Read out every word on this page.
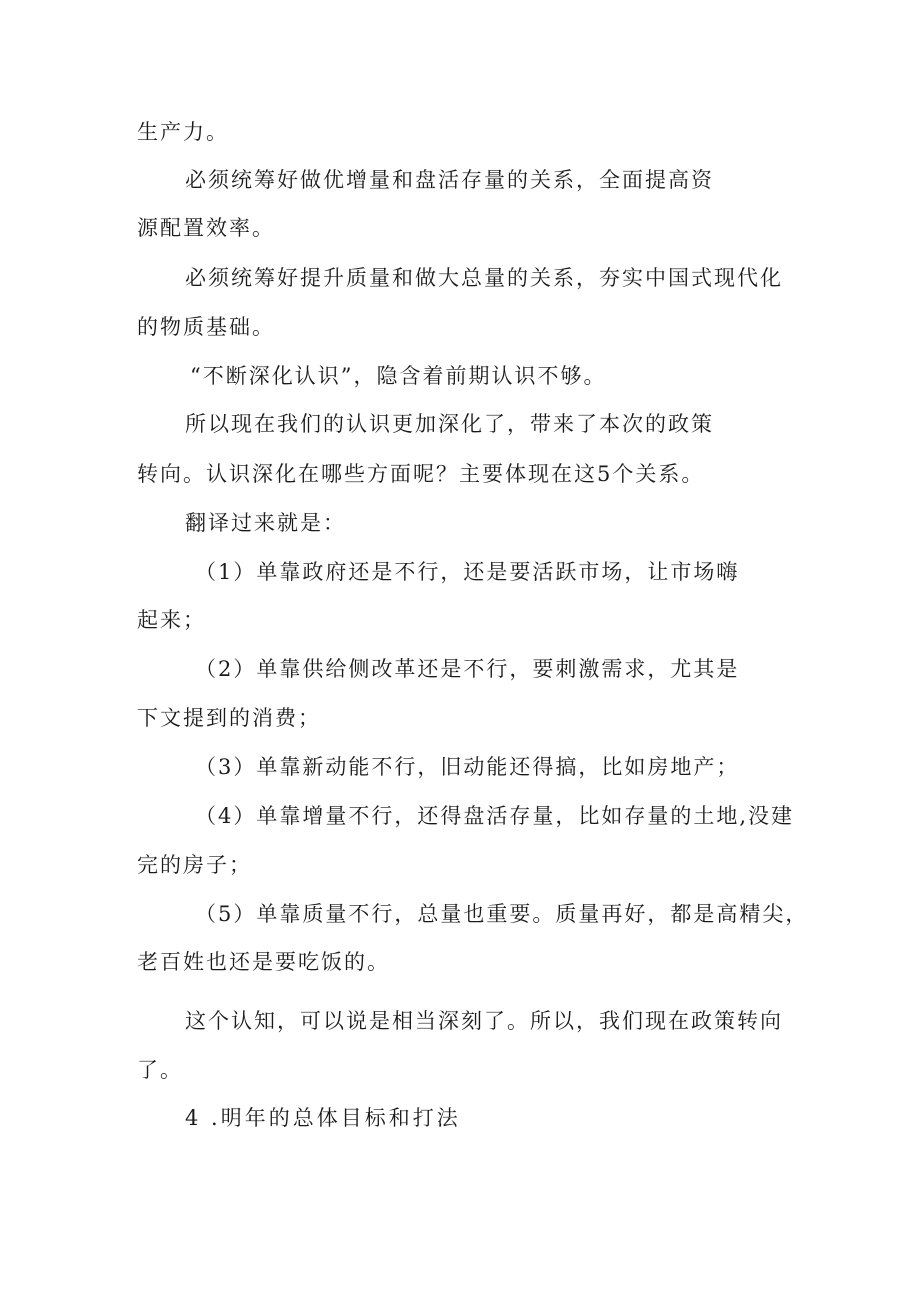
生产力。
必须统筹好做优增量和盘活存量的关系，全面提高资
源配置效率。
必须统筹好提升质量和做大总量的关系，夯实中国式现代化
的物质基础。
“不断深化认识”，隐含着前期认识不够。
所以现在我们的认识更加深化了，带来了本次的政策
转向。认识深化在哪些方面呢？主要体现在这5个关系。
翻译过来就是：
（1）单靠政府还是不行，还是要活跃市场，让市场嗨
起来；
（2）单靠供给侧改革还是不行，要刺激需求，尤其是
下文提到的消费；
（3）单靠新动能不行，旧动能还得搞，比如房地产；
（4）单靠增量不行，还得盘活存量，比如存量的土地,没建
完的房子；
（5）单靠质量不行，总量也重要。质量再好，都是高精尖，
老百姓也还是要吃饭的。
这个认知，可以说是相当深刻了。所以，我们现在政策转向
了。
4 .明年的总体目标和打法
